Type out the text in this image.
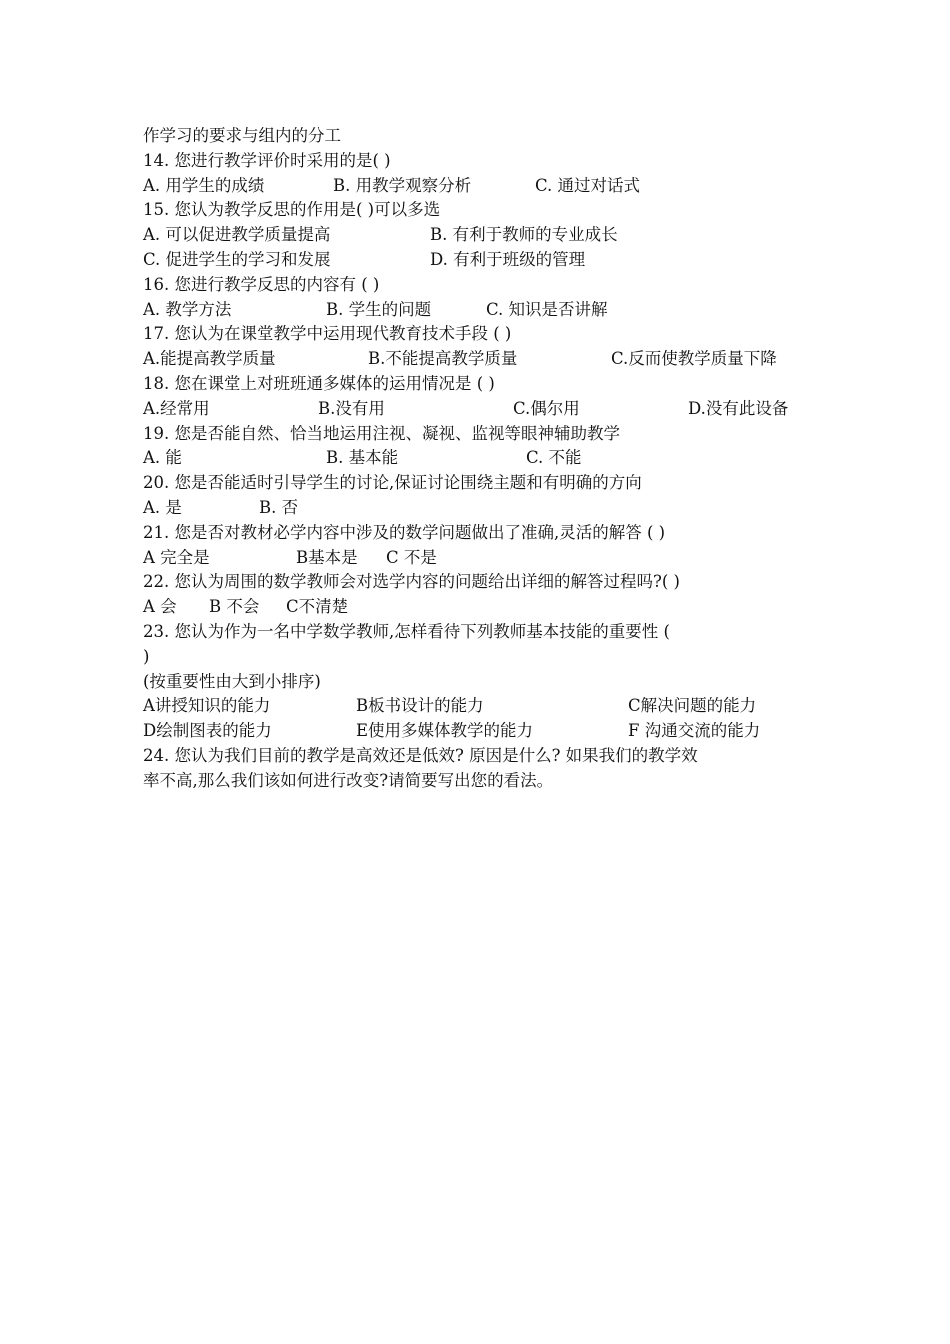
作学习的要求与组内的分工
14. 您进行教学评价时采用的是( )
A. 用学生的成绩	B. 用教学观察分析	C. 通过对话式
15. 您认为教学反思的作用是( )可以多选
A. 可以促进教学质量提高	B. 有利于教师的专业成长
C. 促进学生的学习和发展	D. 有利于班级的管理
16. 您进行教学反思的内容有 ( )
A. 教学方法	B. 学生的问题	C. 知识是否讲解
17. 您认为在课堂教学中运用现代教育技术手段 ( )
A.能提高教学质量	B.不能提高教学质量	C.反而使教学质量下降
18. 您在课堂上对班班通多媒体的运用情况是 ( )
A.经常用	B.没有用	C.偶尔用	D.没有此设备
19. 您是否能自然、恰当地运用注视、凝视、监视等眼神辅助教学
A. 能	B. 基本能	C. 不能
20. 您是否能适时引导学生的讨论,保证讨论围绕主题和有明确的方向
A. 是	B. 否
21. 您是否对教材必学内容中涉及的数学问题做出了准确,灵活的解答 ( )
A 完全是	B基本是 C 不是
22. 您认为周围的数学教师会对选学内容的问题给出详细的解答过程吗?( )
A 会 B 不会 C不清楚
23. 您认为作为一名中学数学教师,怎样看待下列教师基本技能的重要性 (
)
(按重要性由大到小排序)
A讲授知识的能力	B板书设计的能力	C解决问题的能力
D绘制图表的能力	E使用多媒体教学的能力	F 沟通交流的能力
24. 您认为我们目前的教学是高效还是低效? 原因是什么? 如果我们的教学效
率不高,那么我们该如何进行改变?请简要写出您的看法。
